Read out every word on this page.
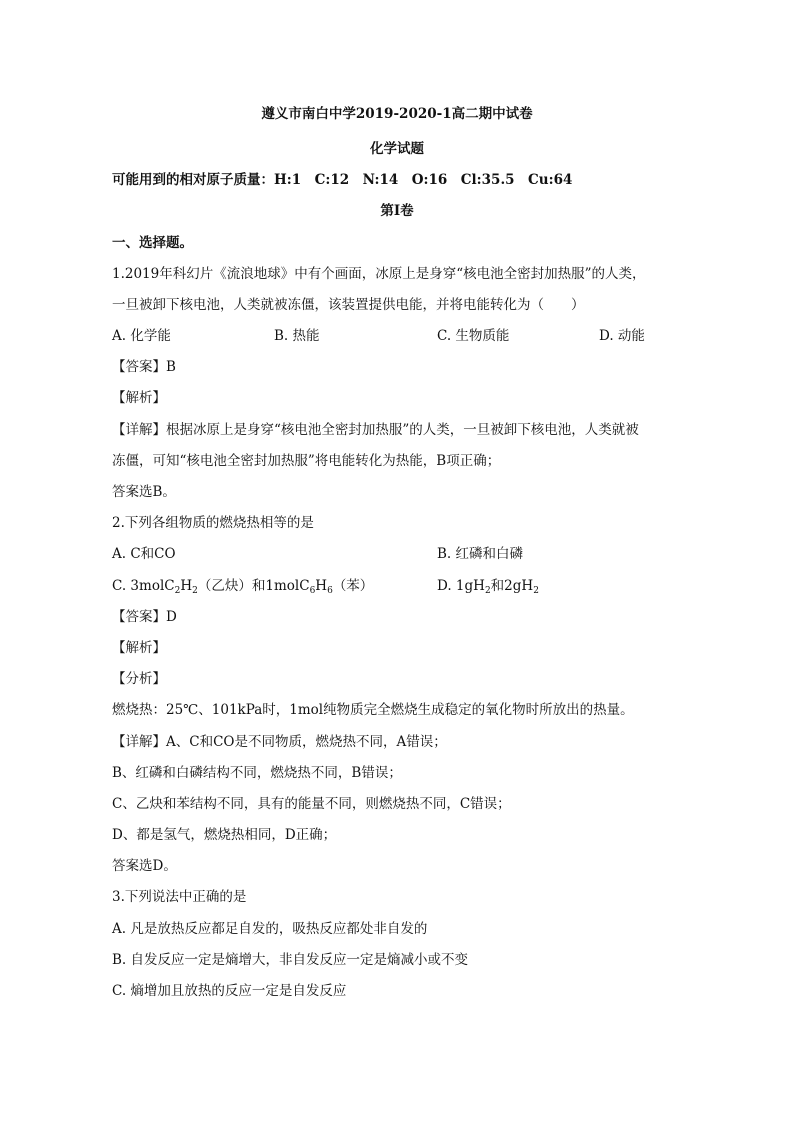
遵义市南白中学2019-2020-1高二期中试卷
化学试题
可能用到的相对原子质量：H:1　C:12　N:14　O:16　Cl:35.5　Cu:64
第Ⅰ卷
一、选择题。
1.2019年科幻片《流浪地球》中有个画面，冰原上是身穿“核电池全密封加热服”的人类，
一旦被卸下核电池，人类就被冻僵，该装置提供电能，并将电能转化为（　　）
A. 化学能	B. 热能	C. 生物质能	D. 动能
【答案】B
【解析】
【详解】根据冰原上是身穿“核电池全密封加热服”的人类，一旦被卸下核电池，人类就被
冻僵，可知“核电池全密封加热服”将电能转化为热能，B项正确；
答案选B。
2.下列各组物质的燃烧热相等的是
A. C和CO	B. 红磷和白磷
C. $3molC_2H_2$（乙炔）和$1molC_6H_6$（苯）	D. $1gH_2$和$2gH_2$
【答案】D
【解析】
【分析】
燃烧热：25℃、101kPa时，1mol纯物质完全燃烧生成稳定的氧化物时所放出的热量。
【详解】A、C和CO是不同物质，燃烧热不同，A错误；
B、红磷和白磷结构不同，燃烧热不同，B错误；
C、乙炔和苯结构不同，具有的能量不同，则燃烧热不同，C错误；
D、都是氢气，燃烧热相同，D正确；
答案选D。
3.下列说法中正确的是
A. 凡是放热反应都足自发的，吸热反应都处非自发的
B. 自发反应一定是熵增大，非自发反应一定是熵减小或不变
C. 熵增加且放热的反应一定是自发反应
